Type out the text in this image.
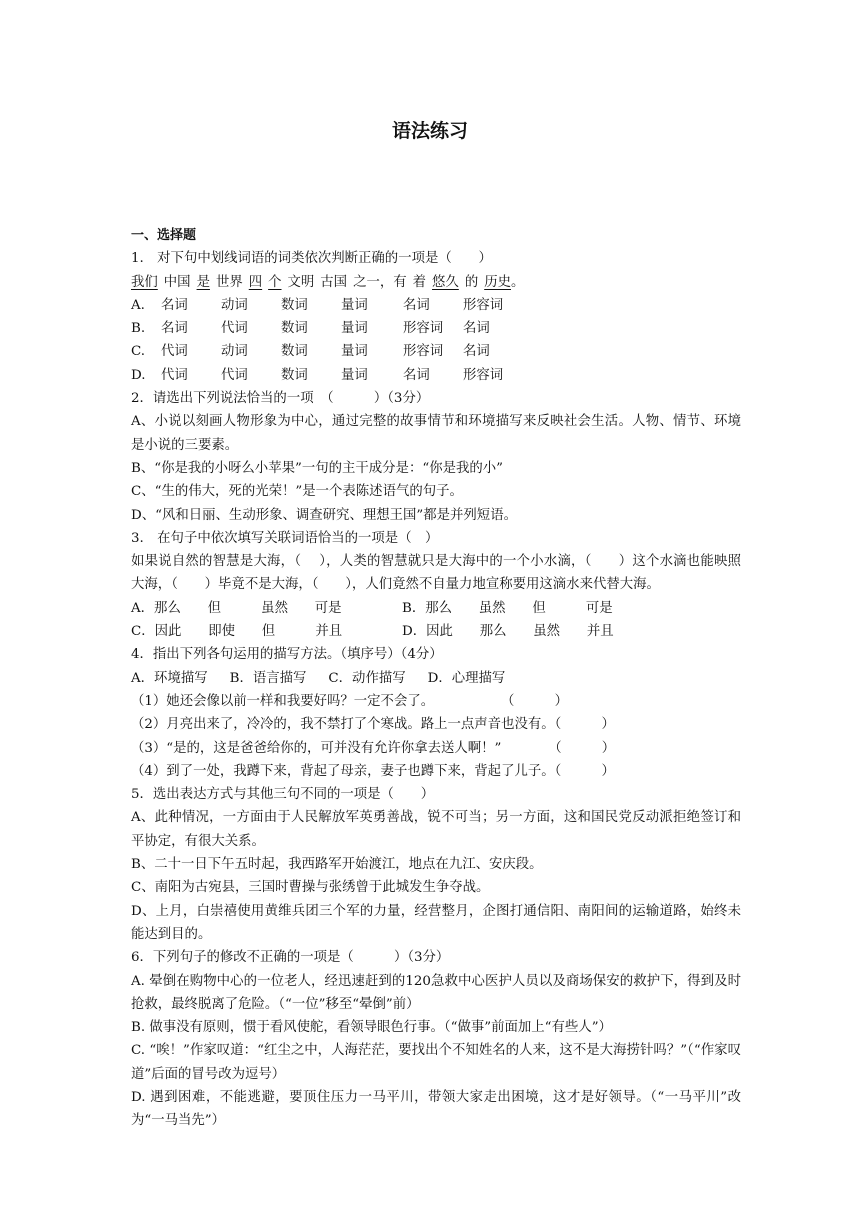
语法练习
一、选择题
1.　对下句中划线词语的词类依次判断正确的一项是（　　）
我们 中国 是 世界 四 个 文明 古国 之一，有 着 悠久 的 历史。
A. 名词 动词 数词 量词	名词 形容词
B. 名词 代词 数词 量词	形容词 名词
C. 代词 动词 数词 量词	形容词 名词
D. 代词 代词 数词 量词	名词 形容词
2．请选出下列说法恰当的一项　（　　　）（3分）
A、小说以刻画人物形象为中心，通过完整的故事情节和环境描写来反映社会生活。人物、情节、环境是小说的三要素。
B、“你是我的小呀么小苹果”一句的主干成分是：“你是我的小”
C、“生的伟大，死的光荣！”是一个表陈述语气的句子。
D、“风和日丽、生动形象、调查研究、理想王国”都是并列短语。
3.　在句子中依次填写关联词语恰当的一项是（　）
如果说自然的智慧是大海，（　 ），人类的智慧就只是大海中的一个小水滴，（　　）这个水滴也能映照大海，（　　）毕竟不是大海，（　　），人们竟然不自量力地宣称要用这滴水来代替大海。
A．那么　　但　　　虽然　　可是	B．那么　　虽然　　但　　　可是
C．因此　　即使　　但　　　并且	D．因此　　那么　　虽然　　并且
4．指出下列各句运用的描写方法。（填序号）（4分）
A．环境描写 B．语言描写 C．动作描写 D．心理描写
（1）她还会像以前一样和我要好吗？一定不会了。　　　　　　（　　　）
（2）月亮出来了，冷冷的，我不禁打了个寒战。路上一点声音也没有。（　　　）
（3）“是的，这是爸爸给你的，可并没有允许你拿去送人啊！”　　　　（　　　）
（4）到了一处，我蹲下来，背起了母亲，妻子也蹲下来，背起了儿子。（　　　）
5．选出表达方式与其他三句不同的一项是（　　）
A、此种情况，一方面由于人民解放军英勇善战，锐不可当；另一方面，这和国民党反动派拒绝签订和平协定，有很大关系。
B、二十一日下午五时起，我西路军开始渡江，地点在九江、安庆段。
C、南阳为古宛县，三国时曹操与张绣曾于此城发生争夺战。
D、上月，白崇禧使用黄维兵团三个军的力量，经营整月，企图打通信阳、南阳间的运输道路，始终未能达到目的。
6．下列句子的修改不正确的一项是（　　　）（3分）
A. 晕倒在购物中心的一位老人，经迅速赶到的120急救中心医护人员以及商场保安的救护下，得到及时抢救，最终脱离了危险。（“一位”移至“晕倒”前）
B. 做事没有原则，惯于看风使舵，看领导眼色行事。（“做事”前面加上“有些人”）
C. “唉！”作家叹道：“红尘之中，人海茫茫，要找出个不知姓名的人来，这不是大海捞针吗？”（“作家叹道”后面的冒号改为逗号）
D. 遇到困难，不能逃避，要顶住压力一马平川，带领大家走出困境，这才是好领导。（“一马平川”改为“一马当先”）
